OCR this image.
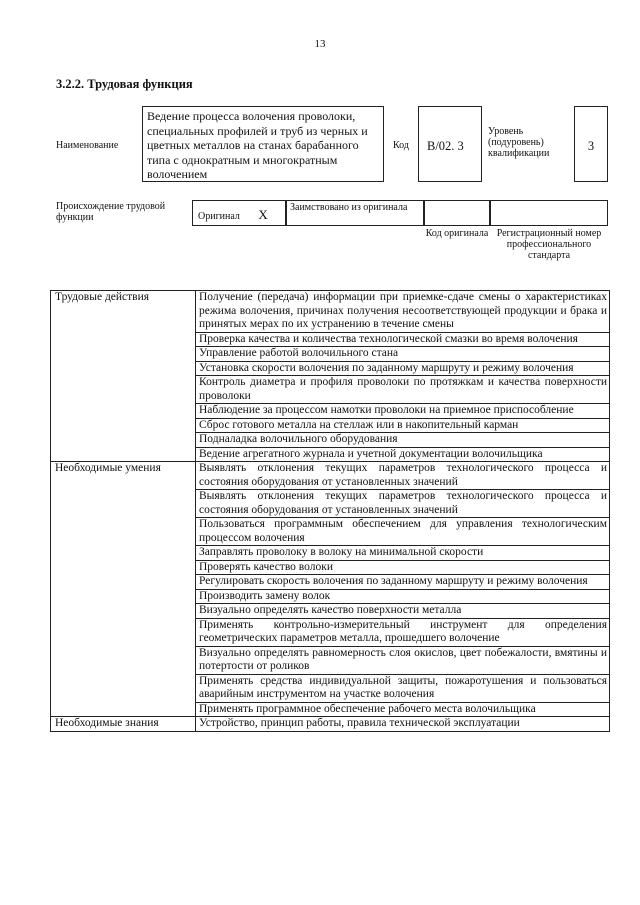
13
3.2.2. Трудовая функция
Наименование
Ведение процесса волочения проволоки, специальных профилей и труб из черных и цветных металлов на станах барабанного типа с однократным и многократным волочением
Код	В/02. 3
Уровень (подуровень) квалификации
3
Происхождение трудовой функции	Оригинал X	Заимствовано из оригинала
Код оригинала Регистрационный номер профессионального стандарта
Трудовые действия	Получение (передача) информации при приемке-сдаче смены о характеристиках режима волочения, причинах получения несоответствующей продукции и брака и принятых мерах по их устранению в течение смены
	Проверка качества и количества технологической смазки во время волочения
	Управление работой волочильного стана
	Установка скорости волочения по заданному маршруту и режиму волочения
	Контроль диаметра и профиля проволоки по протяжкам и качества поверхности проволоки
	Наблюдение за процессом намотки проволоки на приемное приспособление
	Сброс готового металла на стеллаж или в накопительный карман
	Подналадка волочильного оборудования
	Ведение агрегатного журнала и учетной документации волочильщика
Необходимые умения	Выявлять отклонения текущих параметров технологического процесса и состояния оборудования от установленных значений
	Выявлять отклонения текущих параметров технологического процесса и состояния оборудования от установленных значений
	Пользоваться программным обеспечением для управления технологическим процессом волочения
	Заправлять проволоку в волоку на минимальной скорости
	Проверять качество волоки
	Регулировать скорость волочения по заданному маршруту и режиму волочения
	Производить замену волок
	Визуально определять качество поверхности металла
	Применять контрольно-измерительный инструмент для определения геометрических параметров металла, прошедшего волочение
	Визуально определять равномерность слоя окислов, цвет побежалости, вмятины и потертости от роликов
	Применять средства индивидуальной защиты, пожаротушения и пользоваться аварийным инструментом на участке волочения
	Применять программное обеспечение рабочего места волочильщика
Необходимые знания	Устройство, принцип работы, правила технической эксплуатации
